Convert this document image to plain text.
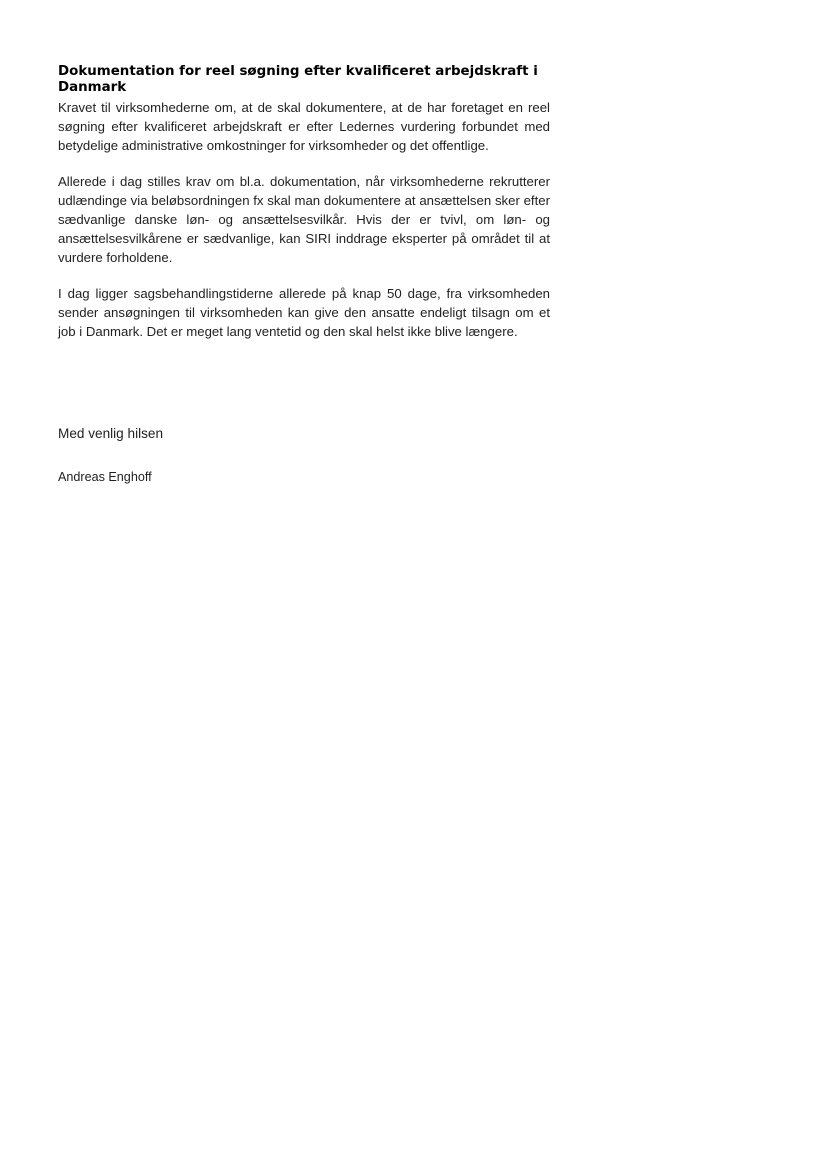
Dokumentation for reel søgning efter kvalificeret arbejdskraft i Danmark

Kravet til virksomhederne om, at de skal dokumentere, at de har foretaget en reel søgning efter kvalificeret arbejdskraft er efter Ledernes vurdering forbundet med betydelige administrative omkostninger for virksomheder og det offentlige.

Allerede i dag stilles krav om bl.a. dokumentation, når virksomhederne rekrutterer udlændinge via beløbsordningen fx skal man dokumentere at ansættelsen sker efter sædvanlige danske løn- og ansættelsesvilkår. Hvis der er tvivl, om løn- og ansættelsesvilkårene er sædvanlige, kan SIRI inddrage eksperter på området til at vurdere forholdene.

I dag ligger sagsbehandlingstiderne allerede på knap 50 dage, fra virksomheden sender ansøgningen til virksomheden kan give den ansatte endeligt tilsagn om et job i Danmark. Det er meget lang ventetid og den skal helst ikke blive længere.

Med venlig hilsen
Andreas Enghoff
